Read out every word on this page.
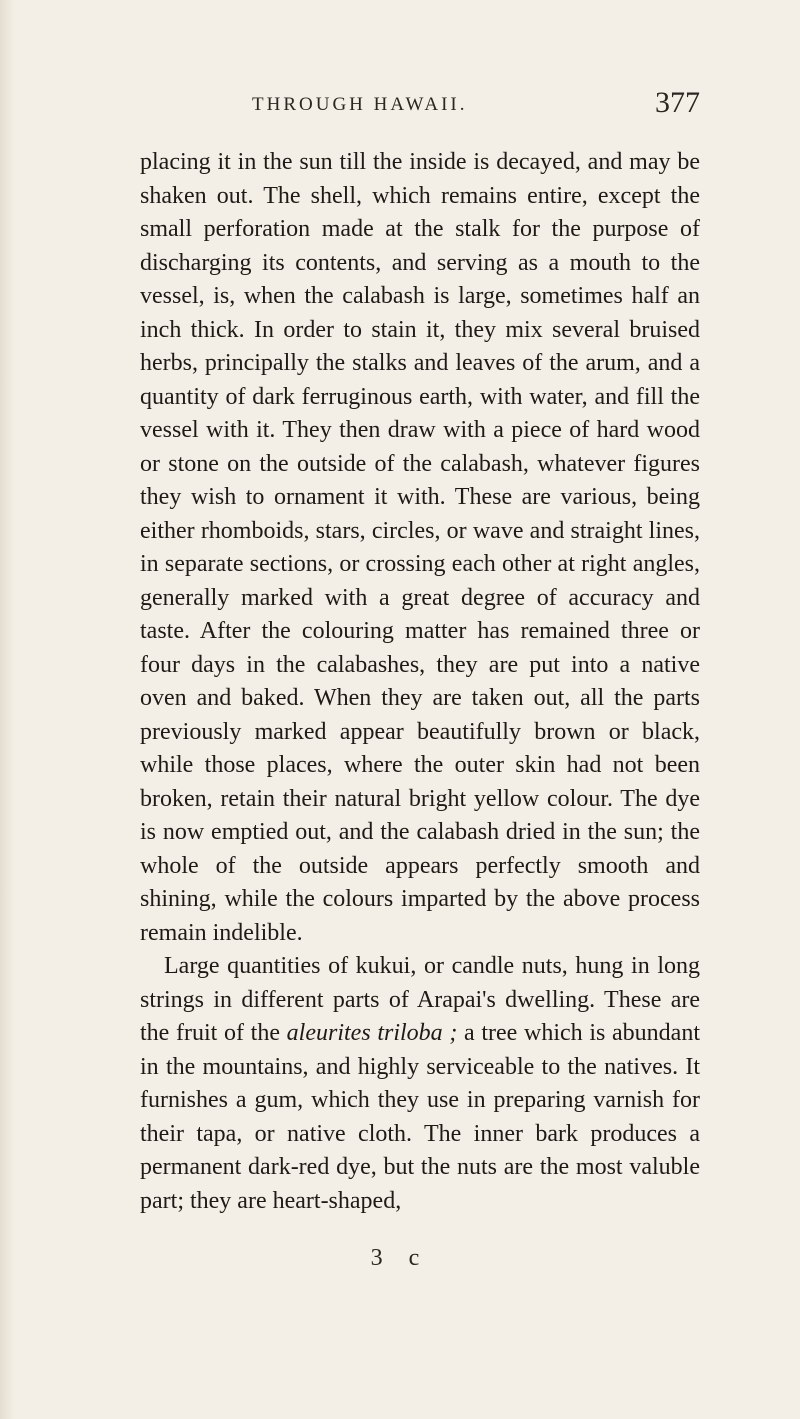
THROUGH HAWAII.	377

placing it in the sun till the inside is decayed, and may be shaken out. The shell, which remains entire, except the small perforation made at the stalk for the purpose of discharging its contents, and serving as a mouth to the vessel, is, when the calabash is large, sometimes half an inch thick. In order to stain it, they mix several bruised herbs, principally the stalks and leaves of the arum, and a quantity of dark ferruginous earth, with water, and fill the vessel with it. They then draw with a piece of hard wood or stone on the outside of the calabash, whatever figures they wish to ornament it with. These are various, being either rhomboids, stars, circles, or wave and straight lines, in separate sections, or crossing each other at right angles, generally marked with a great degree of accuracy and taste. After the colouring matter has remained three or four days in the calabashes, they are put into a native oven and baked. When they are taken out, all the parts previously marked appear beautifully brown or black, while those places, where the outer skin had not been broken, retain their natural bright yellow colour. The dye is now emptied out, and the calabash dried in the sun; the whole of the outside appears perfectly smooth and shining, while the colours imparted by the above process remain indelible.

Large quantities of kukui, or candle nuts, hung in long strings in different parts of Arapai's dwelling. These are the fruit of the aleurites triloba ; a tree which is abundant in the mountains, and highly serviceable to the natives. It furnishes a gum, which they use in preparing varnish for their tapa, or native cloth. The inner bark produces a permanent dark-red dye, but the nuts are the most valuble part; they are heart-shaped,

3 c
